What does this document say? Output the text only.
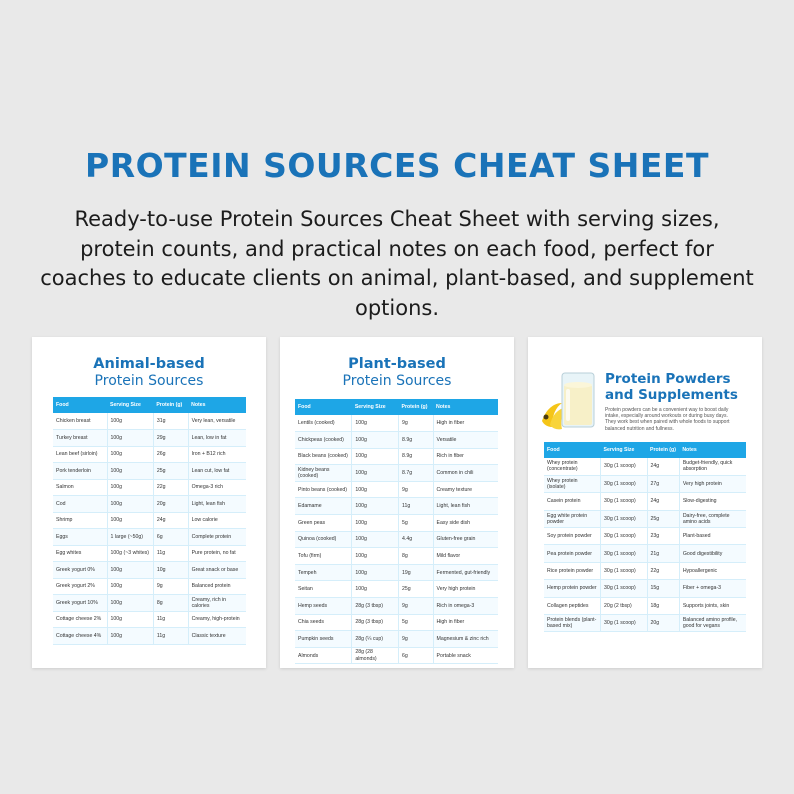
PROTEIN SOURCES CHEAT SHEET
Ready-to-use Protein Sources Cheat Sheet with serving sizes, protein counts, and practical notes on each food, perfect for coaches to educate clients on animal, plant-based, and supplement options.
Animal-based
Protein Sources
Food	Serving Size	Protein (g)	Notes
Chicken breast	100g	31g	Very lean, versatile
Turkey breast	100g	29g	Lean, low in fat
Lean beef (sirloin)	100g	26g	Iron + B12 rich
Pork tenderloin	100g	25g	Lean cut, low fat
Salmon	100g	22g	Omega-3 rich
Cod	100g	20g	Light, lean fish
Shrimp	100g	24g	Low calorie
Eggs	1 large (~50g)	6g	Complete protein
Egg whites	100g (~3 whites)	11g	Pure protein, no fat
Greek yogurt 0%	100g	10g	Great snack or base
Greek yogurt 2%	100g	9g	Balanced protein
Greek yogurt 10%	100g	8g	Creamy, rich in calories
Cottage cheese 2%	100g	11g	Creamy, high-protein
Cottage cheese 4%	100g	11g	Classic texture
Plant-based
Protein Sources
Food	Serving Size	Protein (g)	Notes
Lentils (cooked)	100g	9g	High in fiber
Chickpeas (cooked)	100g	8.9g	Versatile
Black beans (cooked)	100g	8.9g	Rich in fiber
Kidney beans (cooked)	100g	8.7g	Common in chili
Pinto beans (cooked)	100g	9g	Creamy texture
Edamame	100g	11g	Light, lean fish
Green peas	100g	5g	Easy side dish
Quinoa (cooked)	100g	4.4g	Gluten-free grain
Tofu (firm)	100g	8g	Mild flavor
Tempeh	100g	19g	Fermented, gut-friendly
Seitan	100g	25g	Very high protein
Hemp seeds	28g (3 tbsp)	9g	Rich in omega-3
Chia seeds	28g (3 tbsp)	5g	High in fiber
Pumpkin seeds	28g (¼ cup)	9g	Magnesium & zinc rich
Almonds	28g (28 almonds)	6g	Portable snack
Protein Powders and Supplements
Protein powders can be a convenient way to boost daily intake, especially around workouts or during busy days. They work best when paired with whole foods to support balanced nutrition and fullness.
Food	Serving Size	Protein (g)	Notes
Whey protein (concentrate)	30g (1 scoop)	24g	Budget-friendly, quick absorption
Whey protein (isolate)	30g (1 scoop)	27g	Very high protein
Casein protein	30g (1 scoop)	24g	Slow-digesting
Egg white protein powder	30g (1 scoop)	25g	Dairy-free, complete amino acids
Soy protein powder	30g (1 scoop)	23g	Plant-based
Pea protein powder	30g (1 scoop)	21g	Good digestibility
Rice protein powder	30g (1 scoop)	22g	Hypoallergenic
Hemp protein powder	30g (1 scoop)	15g	Fiber + omega-3
Collagen peptides	20g (2 tbsp)	18g	Supports joints, skin
Protein blends (plant-based mix)	30g (1 scoop)	20g	Balanced amino profile, good for vegans
